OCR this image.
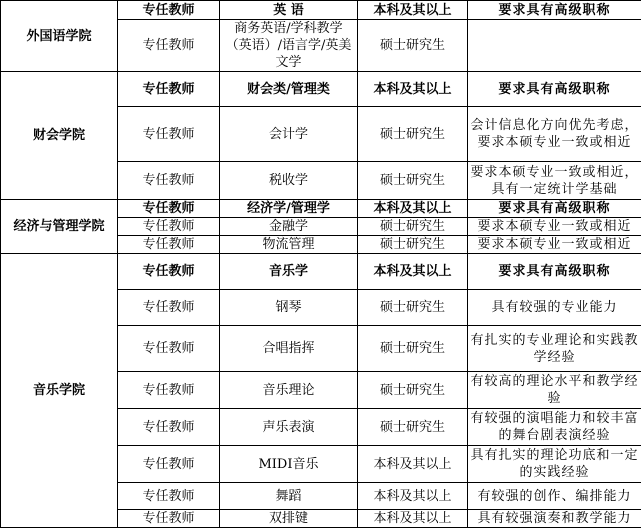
外国语学院	专任教师	英 语	本科及其以上	要求具有高级职称
	专任教师	商务英语/学科教学（英语）/语言学/英美文学	硕士研究生	
财会学院	专任教师	财会类/管理类	本科及其以上	要求具有高级职称
	专任教师	会计学	硕士研究生	会计信息化方向优先考虑，要求本硕专业一致或相近
	专任教师	税收学	硕士研究生	要求本硕专业一致或相近，具有一定统计学基础
经济与管理学院	专任教师	经济学/管理学	本科及其以上	要求具有高级职称
	专任教师	金融学	硕士研究生	要求本硕专业一致或相近
	专任教师	物流管理	硕士研究生	要求本硕专业一致或相近
音乐学院	专任教师	音乐学	本科及其以上	要求具有高级职称
	专任教师	钢琴	硕士研究生	具有较强的专业能力
	专任教师	合唱指挥	硕士研究生	有扎实的专业理论和实践教学经验
	专任教师	音乐理论	硕士研究生	有较高的理论水平和教学经验
	专任教师	声乐表演	硕士研究生	有较强的演唱能力和较丰富的舞台剧表演经验
	专任教师	MIDI音乐	本科及其以上	具有扎实的理论功底和一定的实践经验
	专任教师	舞蹈	本科及其以上	有较强的创作、编排能力
	专任教师	双排键	本科及其以上	具有较强演奏和教学能力
